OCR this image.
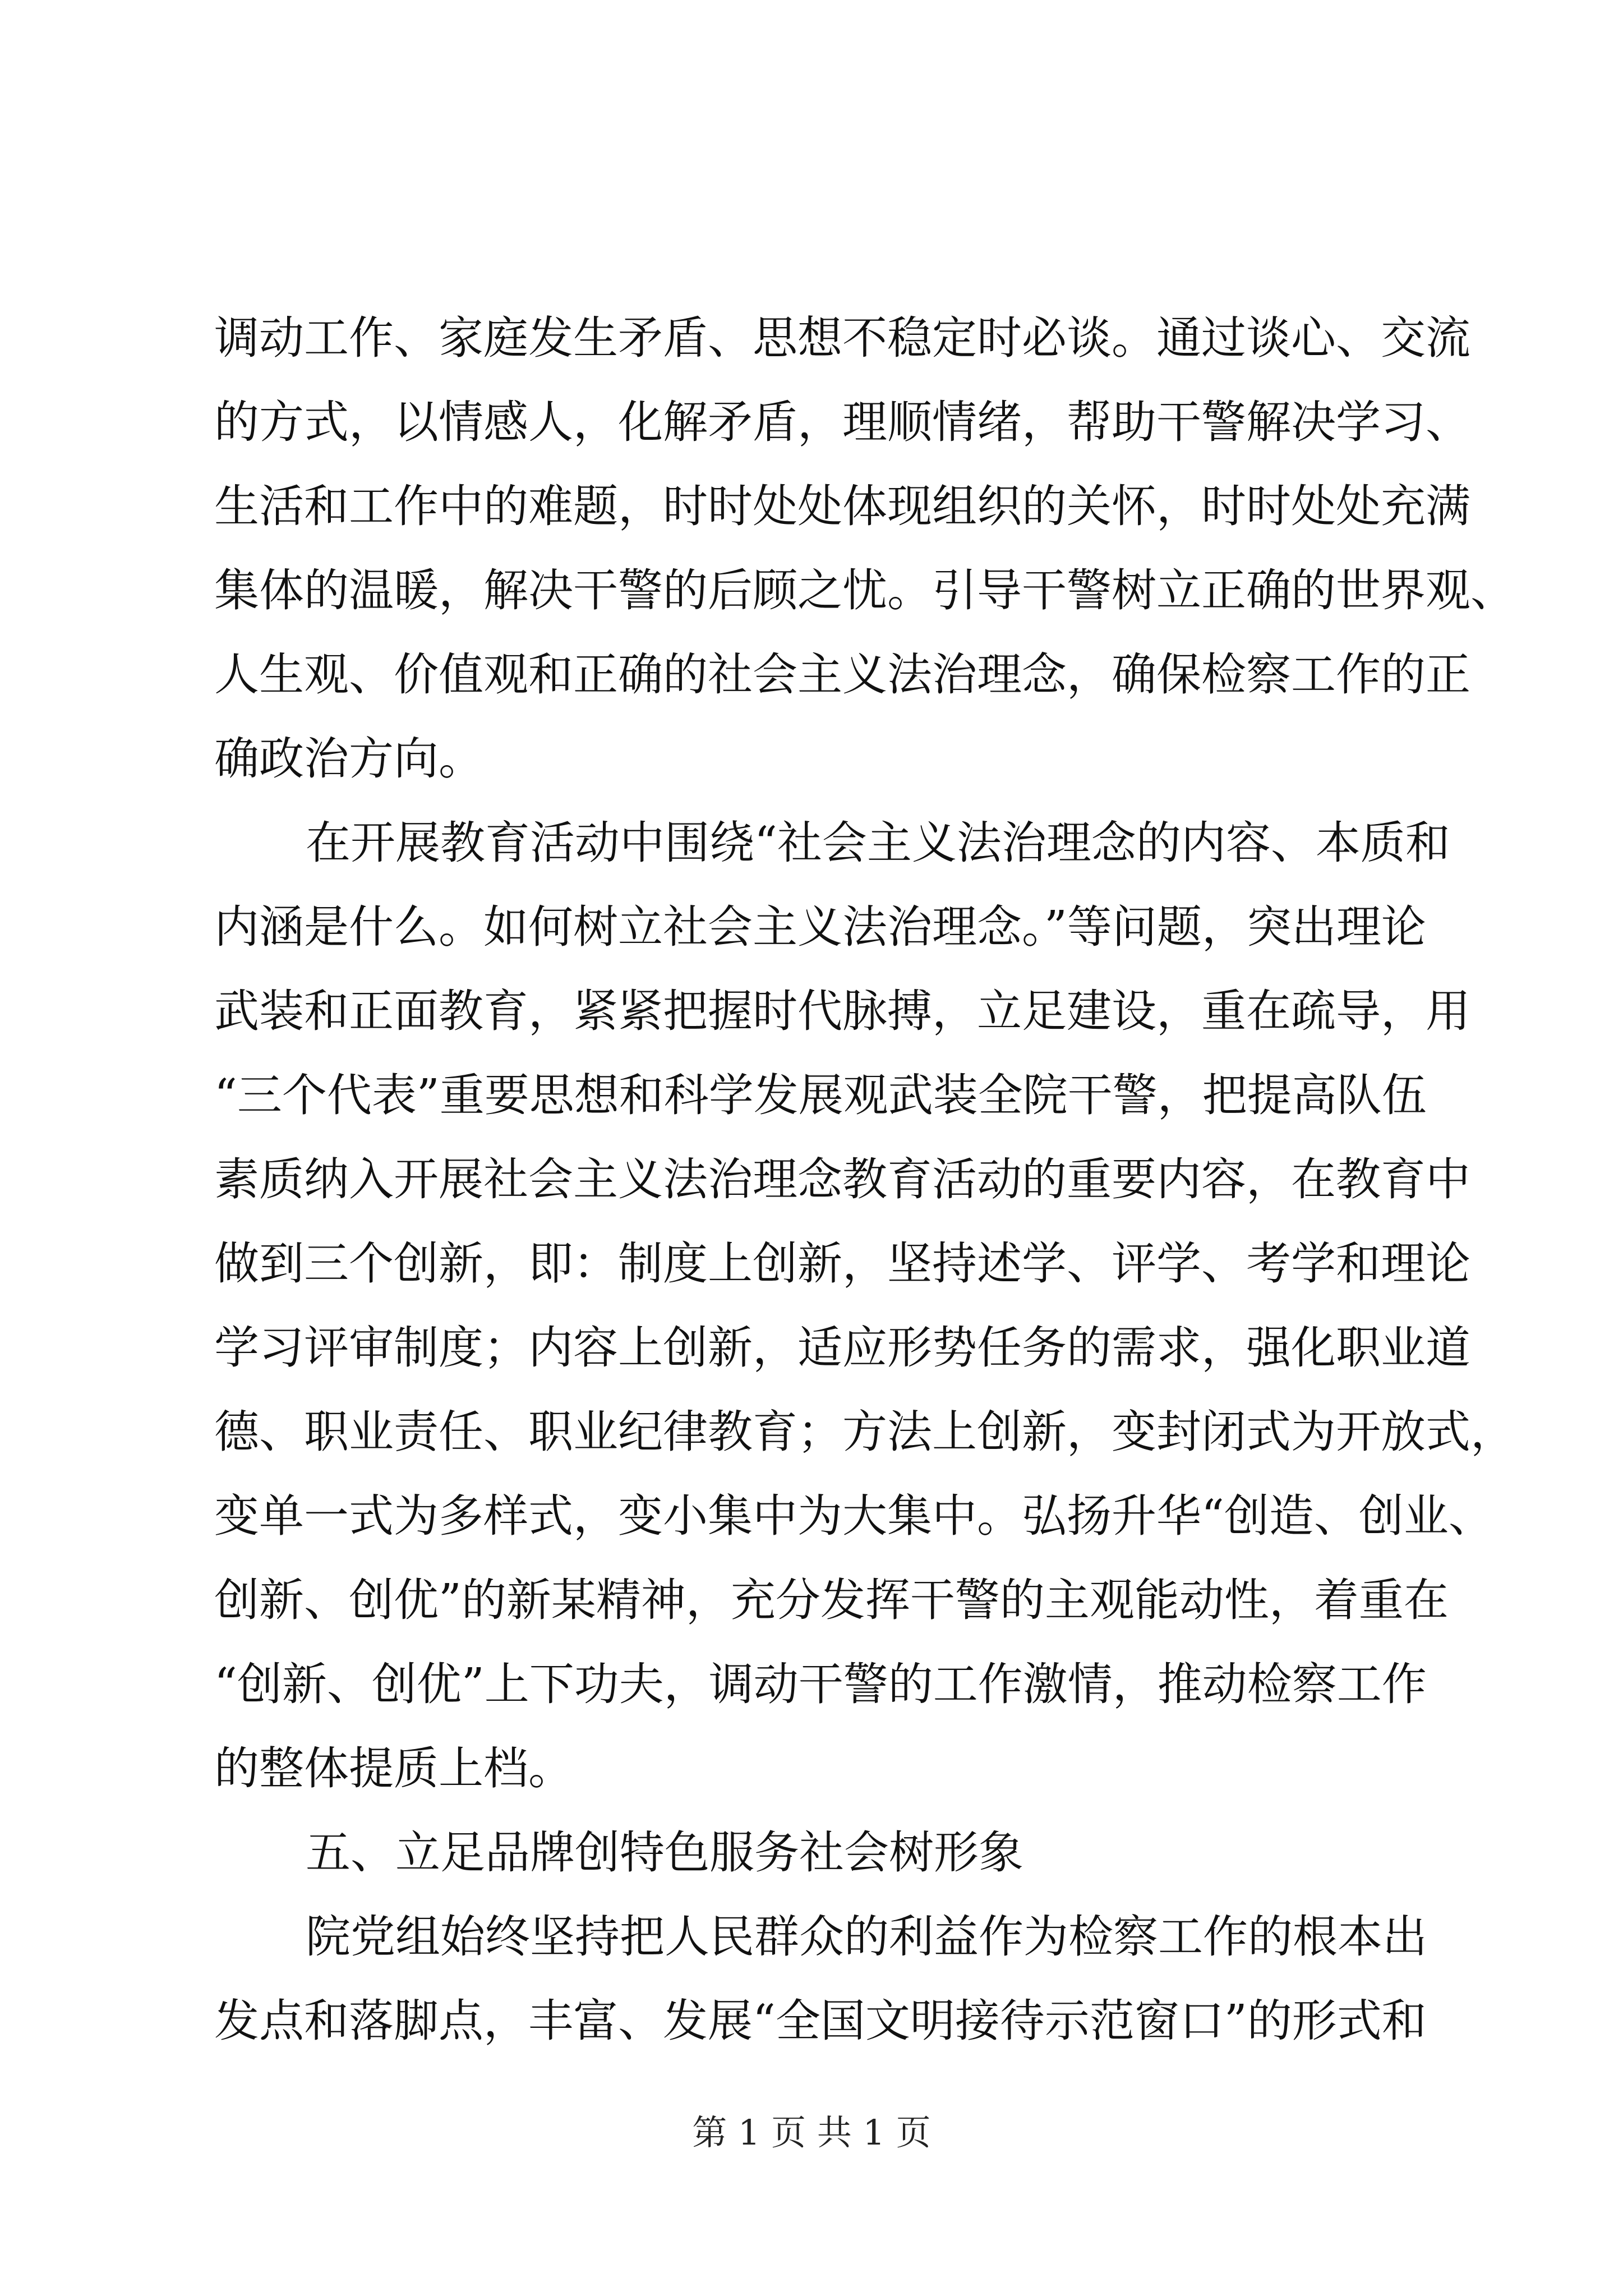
调动工作、家庭发生矛盾、思想不稳定时必谈。通过谈心、交流
的方式，以情感人，化解矛盾，理顺情绪，帮助干警解决学习、
生活和工作中的难题，时时处处体现组织的关怀，时时处处充满
集体的温暖，解决干警的后顾之忧。引导干警树立正确的世界观、
人生观、价值观和正确的社会主义法治理念，确保检察工作的正
确政治方向。
在开展教育活动中围绕“社会主义法治理念的内容、本质和
内涵是什么。如何树立社会主义法治理念。”等问题，突出理论
武装和正面教育，紧紧把握时代脉搏，立足建设，重在疏导，用
“三个代表”重要思想和科学发展观武装全院干警，把提高队伍
素质纳入开展社会主义法治理念教育活动的重要内容，在教育中
做到三个创新，即：制度上创新，坚持述学、评学、考学和理论
学习评审制度；内容上创新，适应形势任务的需求，强化职业道
德、职业责任、职业纪律教育；方法上创新，变封闭式为开放式，
变单一式为多样式，变小集中为大集中。弘扬升华“创造、创业、
创新、创优”的新某精神，充分发挥干警的主观能动性，着重在
“创新、创优”上下功夫，调动干警的工作激情，推动检察工作
的整体提质上档。
五、立足品牌创特色服务社会树形象
院党组始终坚持把人民群众的利益作为检察工作的根本出
发点和落脚点，丰富、发展“全国文明接待示范窗口”的形式和
第 1 页 共 1 页
